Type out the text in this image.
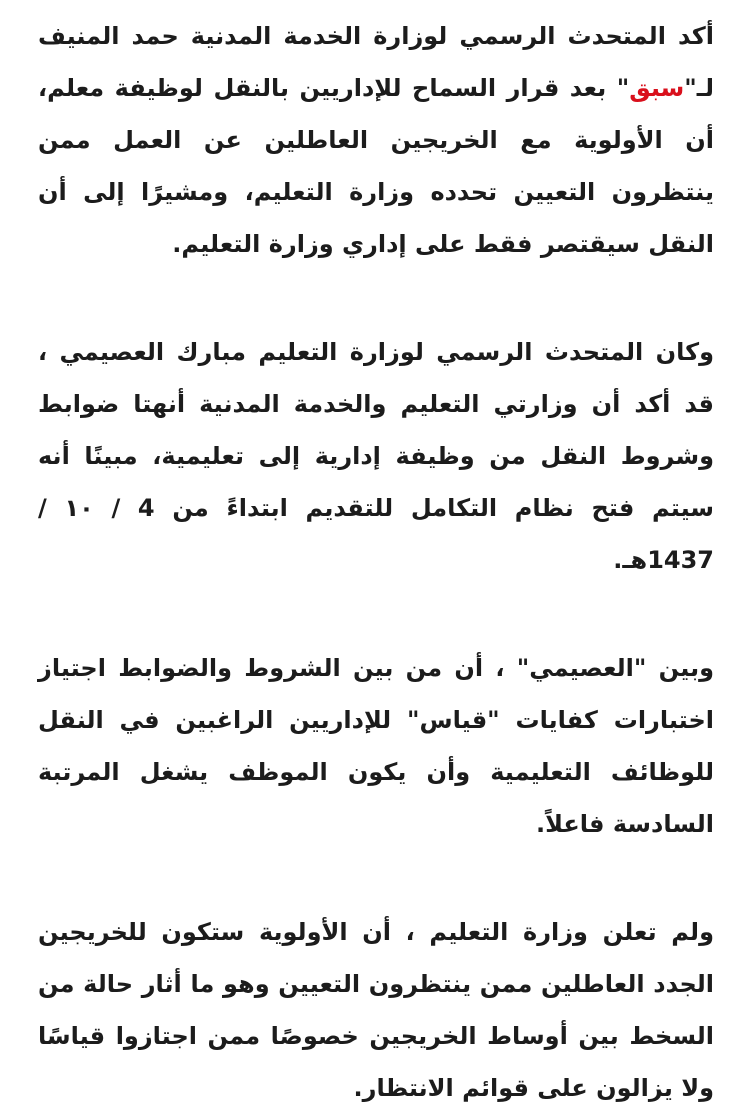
أكد المتحدث الرسمي لوزارة الخدمة المدنية حمد المنيف لـ"سبق" بعد قرار السماح للإداريين بالنقل لوظيفة معلم، أن الأولوية مع الخريجين العاطلين عن العمل ممن ينتظرون التعيين تحدده وزارة التعليم، ومشيرًا إلى أن النقل سيقتصر فقط على إداري وزارة التعليم.

وكان المتحدث الرسمي لوزارة التعليم مبارك العصيمي ، قد أكد أن وزارتي التعليم والخدمة المدنية أنهتا ضوابط وشروط النقل من وظيفة إدارية إلى تعليمية، مبينًا أنه سيتم فتح نظام التكامل للتقديم ابتداءً من 4 / ١٠ / 1437هـ.

وبين "العصيمي" ، أن من بين الشروط والضوابط اجتياز اختبارات كفايات "قياس" للإداريين الراغبين في النقل للوظائف التعليمية وأن يكون الموظف يشغل المرتبة السادسة فاعلاً.

ولم تعلن وزارة التعليم ، أن الأولوية ستكون للخريجين الجدد العاطلين ممن ينتظرون التعيين وهو ما أثار حالة من السخط بين أوساط الخريجين خصوصًا ممن اجتازوا قياسًا ولا يزالون على قوائم الانتظار.
